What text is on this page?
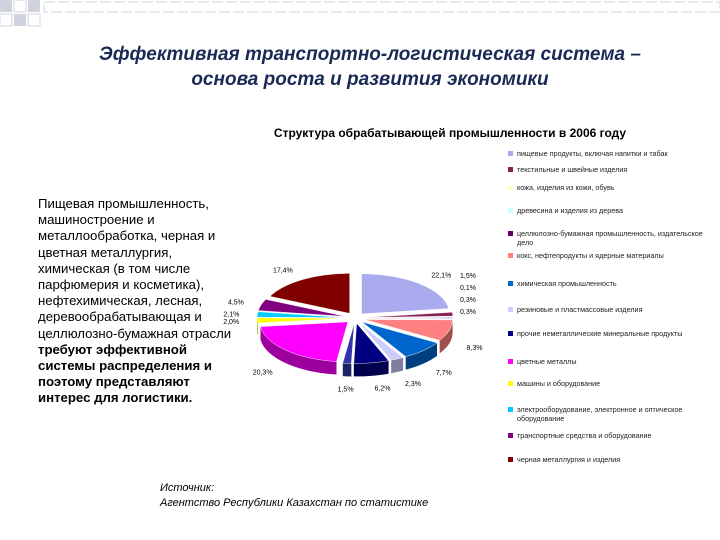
Эффективная транспортно-логистическая система –
основа роста и развития экономики
Структура обрабатывающей промышленности в 2006 году
Пищевая промышленность, машиностроение и металлообработка, черная и цветная металлургия, химическая (в том числе парфюмерия и косметика), нефтехимическая, лесная, деревообрабатывающая и целлюлозно-бумажная отрасли требуют эффективной системы распределения и поэтому представляют интерес для логистики.
22,1% 1,5%
0,1%
0,3%
0,3%
8,3%
7,7%
2,3%
6,2%
1,5%
20,3%
2,0%
2,1%
4,5%
17,4%
пищевые продукты, включая напитки и табак
текстильные и швейные изделия
кожа, изделия из кожи, обувь
древесина и изделия из дерева
целлюлозно-бумажная промышленность, издательское дело
кокс, нефтепродукты и ядерные материалы
химическая промышленность
резиновые и пластмассовые изделия
прочие неметаллические минеральные продукты
цветные металлы
машины и оборудование
электрооборудование, электронное и оптическое оборудование
транспортные средства и оборудование
черная металлургия и изделия
Источник:
Агентство Республики Казахстан по статистике
